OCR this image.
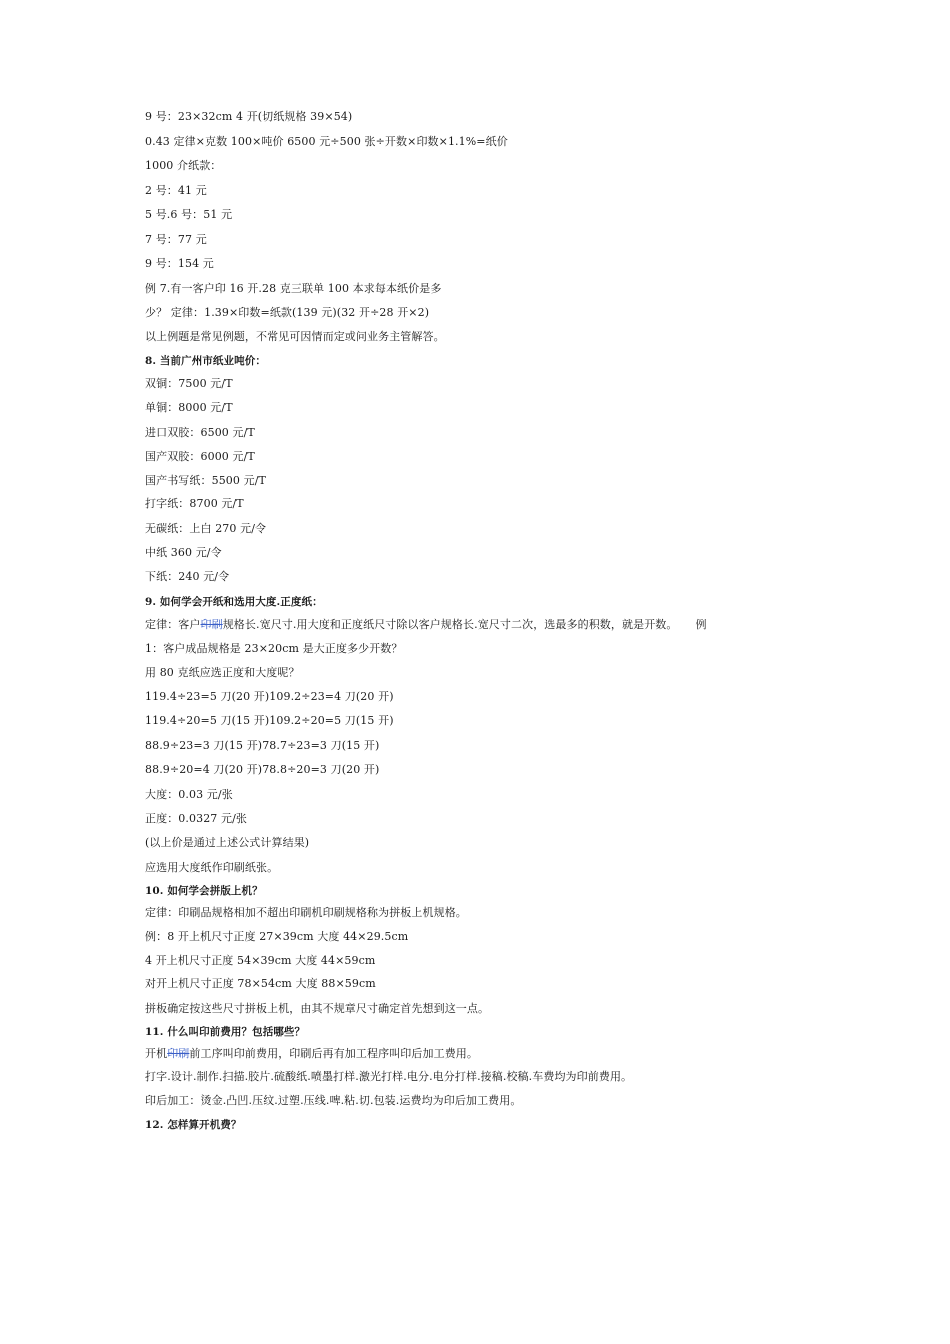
9 号：23×32cm 4 开(切纸规格 39×54)
0.43 定律×克数 100×吨价 6500 元÷500 张÷开数×印数×1.1%=纸价
1000 介纸款：
2 号：41 元
5 号.6 号：51 元
7 号：77 元
9 号：154 元
例 7.有一客户印 16 开.28 克三联单 100 本求每本纸价是多
少？ 定律：1.39×印数=纸款(139 元)(32 开÷28 开×2)
以上例题是常见例题，不常见可因情而定或问业务主管解答。
8. 当前广州市纸业吨价：
双铜：7500 元/T
单铜：8000 元/T
进口双胶：6500 元/T
国产双胶：6000 元/T
国产书写纸：5500 元/T
打字纸：8700 元/T
无碳纸：上白 270 元/令
中纸 360 元/令
下纸：240 元/令
9. 如何学会开纸和选用大度.正度纸：
定律：客户印刷规格长.宽尺寸.用大度和正度纸尺寸除以客户规格长.宽尺寸二次，选最多的积数，就是开数。 例
1：客户成品规格是 23×20cm 是大正度多少开数？
用 80 克纸应选正度和大度呢？
119.4÷23=5 刀(20 开)109.2÷23=4 刀(20 开)
119.4÷20=5 刀(15 开)109.2÷20=5 刀(15 开)
88.9÷23=3 刀(15 开)78.7÷23=3 刀(15 开)
88.9÷20=4 刀(20 开)78.8÷20=3 刀(20 开)
大度：0.03 元/张
正度：0.0327 元/张
(以上价是通过上述公式计算结果)
应选用大度纸作印刷纸张。
10. 如何学会拼版上机？
定律：印刷品规格相加不超出印刷机印刷规格称为拼板上机规格。
例：8 开上机尺寸正度 27×39cm 大度 44×29.5cm
4 开上机尺寸正度 54×39cm 大度 44×59cm
对开上机尺寸正度 78×54cm 大度 88×59cm
拼板确定按这些尺寸拼板上机，由其不规章尺寸确定首先想到这一点。
11. 什么叫印前费用？包括哪些？
开机印刷前工序叫印前费用，印刷后再有加工程序叫印后加工费用。
打字.设计.制作.扫描.胶片.硫酸纸.喷墨打样.激光打样.电分.电分打样.接稿.校稿.车费均为印前费用。
印后加工：烫金.凸凹.压纹.过塑.压线.啤.粘.切.包装.运费均为印后加工费用。
12. 怎样算开机费？
